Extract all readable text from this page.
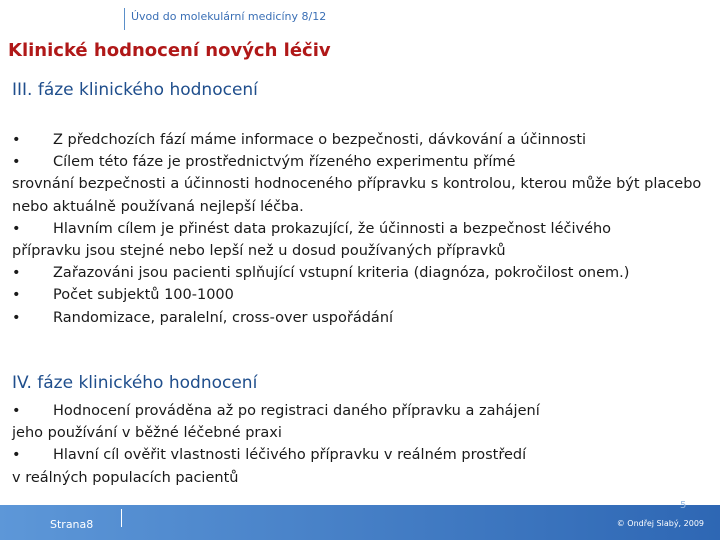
Úvod do molekulární medicíny 8/12
Klinické hodnocení nových léčiv
III. fáze klinického hodnocení
•	Z předchozích fází máme informace o bezpečnosti, dávkování a účinnosti
•	Cílem této fáze je prostřednictvým řízeného experimentu přímé
srovnání bezpečnosti a účinnosti hodnoceného přípravku s kontrolou, kterou může být placebo nebo aktuálně používaná nejlepší léčba.
•	Hlavním cílem je přinést data prokazující, že účinnosti a bezpečnost léčivého
přípravku jsou stejné nebo lepší než u dosud používaných přípravků
•	Zařazováni jsou pacienti splňující vstupní kriteria (diagnóza, pokročilost onem.)
•	Počet subjektů 100-1000
•	Randomizace, paralelní, cross-over uspořádání
IV. fáze klinického hodnocení
•	Hodnocení prováděna až po registraci daného přípravku a zahájení
jeho používání v běžné léčebné praxi
•	Hlavní cíl ověřit vlastnosti léčivého přípravku v reálném prostředí
v reálných populacích pacientů
Strana8
5
© Ondřej Slabý, 2009
